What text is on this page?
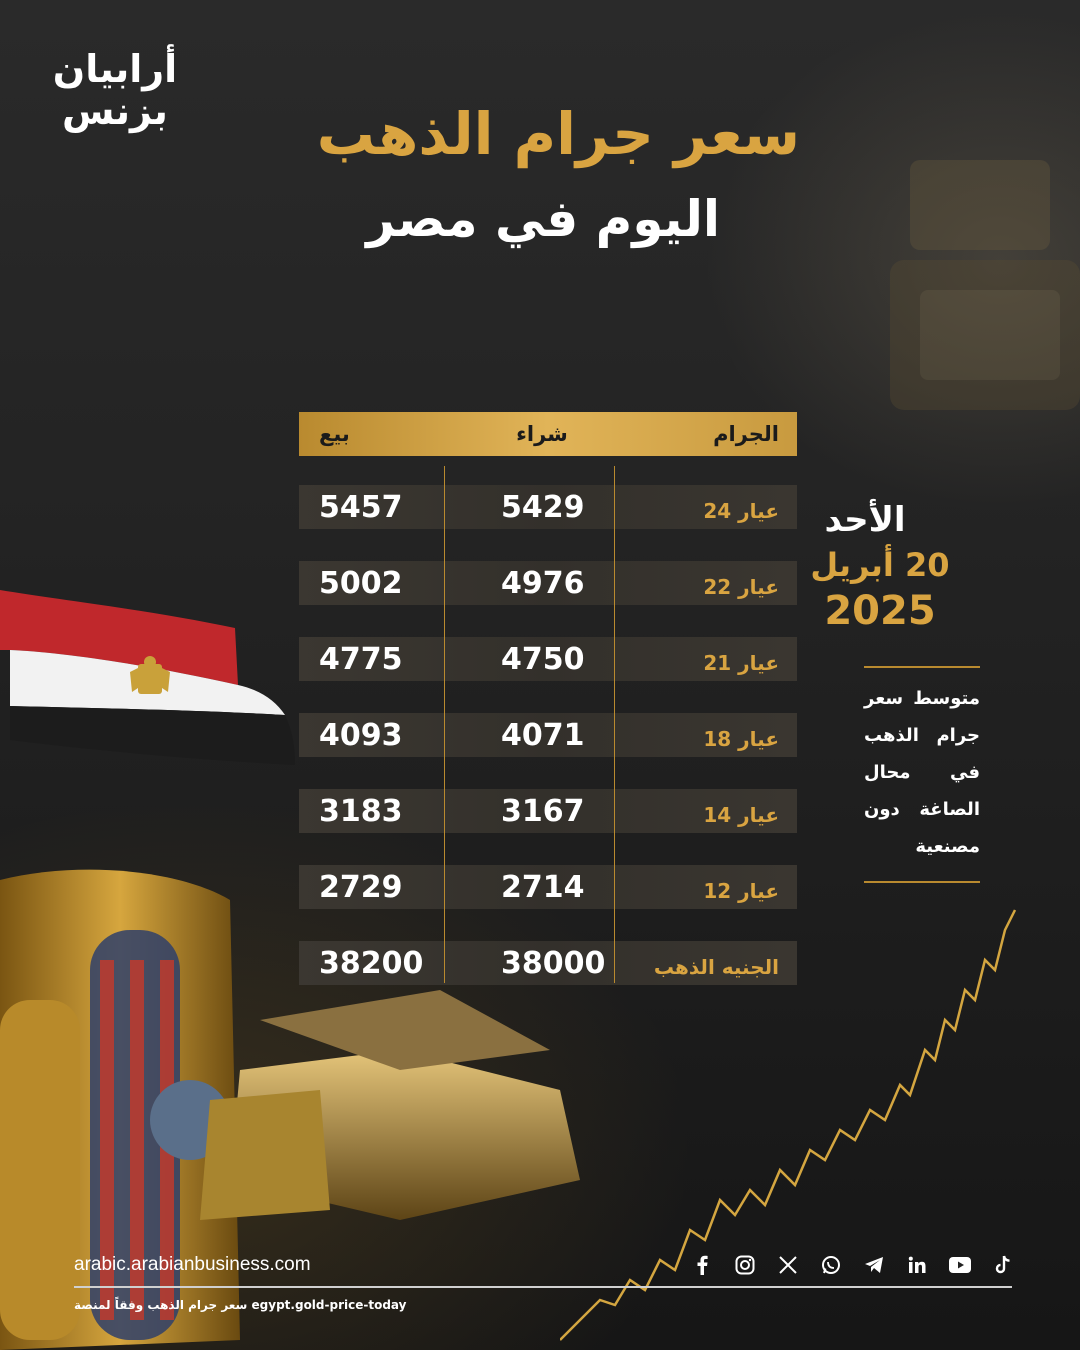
أرابيان
بزنس	سعر جرام الذهب
اليوم في مصر
الجرام
شراء
بيع
عيار 24
5429
5457
عيار 22
4976
5002
عيار 21
4750
4775
عيار 18
4071
4093
عيار 14
3167
3183
عيار 12
2714
2729
الجنيه الذهب
38000
38200
الأحد
20 أبريل
2025
متوسط سعر
جرام الذهب
في محال
الصاغة دون
مصنعية
arabic.arabianbusiness.com
سعر جرام الذهب وفقاً لمنصة egypt.gold-price-today
